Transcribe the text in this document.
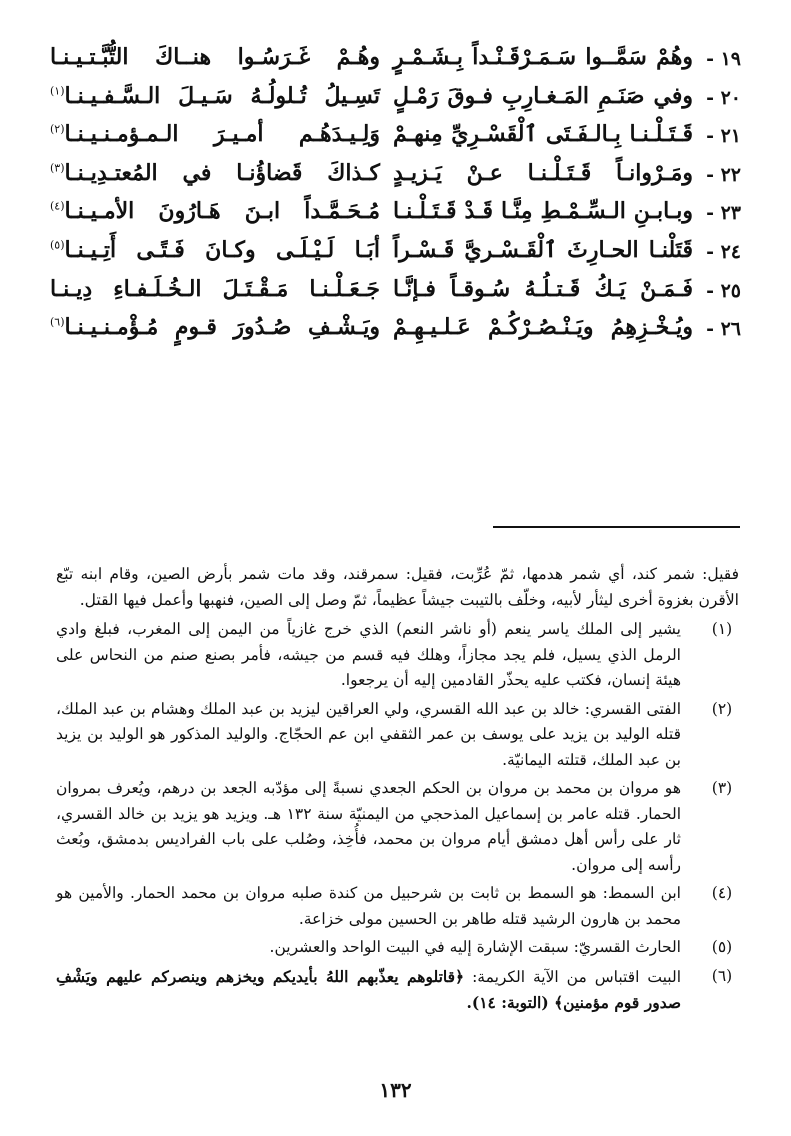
١٩ -
وهُمْ سَمَّــوا سَـمَـرْقَـنْـداً بِـشَـمْـرٍ
وهُـمْ غَـرَسُـوا هنــاكَ التُّبَّـتـيـنـا
٢٠ -
وفي صَنَـمِ المَـغـارِبِ فـوقَ رَمْـلٍ
تَسِـيلُ تُـلولُـهُ سَـيـلَ الـسَّـفـيـنـا$^{(١)}$
٢١ -
قَـتَـلْـنـا بِـالـفَـتَى ٱلْقَسْـرِيِّ مِنهـمْ
وَلِـيـدَهُـم أمـيـرَ الـمـؤمـنـيـنـا$^{(٢)}$
٢٢ -
ومَـرْوانـاً قَـتَـلْـنـا عـنْ يَـزيـدٍ
كـذاكَ قَضاؤُنـا في المُعتـدِيـنـا$^{(٣)}$
٢٣ -
وبـابـنِ الـسِّـمْـطِ مِنَّـا قَـدْ قَـتَـلْـنـا
مُـحَـمَّـداً ابـنَ هَـارُونَ الأمـيـنـا$^{(٤)}$
٢٤ -
قَتَلْنـا الحـارِثَ ٱلْقَـسْـريَّ قَـسْـراً
أبَـا لَـيْـلَـى وكـانَ فَـتًـى أَتِـيـنـا$^{(٥)}$
٢٥ -
فَـمَـنْ يَـكُ قَـتـلُـهُ سُـوقـاً فـإنَّـا
جَـعَـلْـنـا مَـقْـتَـلَ الـخُـلَـفـاءِ دِيـنـا
٢٦ -
ويُـخْـزِهِمُ ويَـنْـصُـرْكُـمْ عَـلـيـهِـمْ
ويَـشْـفِ صُـدُورَ قـومٍ مُـؤْمـنـيـنـا$^{(٦)}$
فقيل: شمر كند، أي شمر هدمها، ثمّ عُرِّبت، فقيل: سمرقند، وقد مات شمر بأرض الصين، وقام ابنه تبّع الأقرن بغزوة أخرى ليثأر لأبيه، وخلّف بالتيبت جيشاً عظيماً، ثمّ وصل إلى الصين، فنهبها وأعمل فيها القتل.
(١)
يشير إلى الملك ياسر ينعم (أو ناشر النعم) الذي خرج غازياً من اليمن إلى المغرب، فبلغ وادي الرمل الذي يسيل، فلم يجد مجازاً، وهلك فيه قسم من جيشه، فأمر بصنع صنم من النحاس على هيئة إنسان، فكتب عليه يحذّر القادمين إليه أن يرجعوا.
(٢)
الفتى القسري: خالد بن عبد الله القسري، ولي العراقين ليزيد بن عبد الملك وهشام بن عبد الملك، قتله الوليد بن يزيد على يوسف بن عمر الثقفي ابن عم الحجّاج. والوليد المذكور هو الوليد بن يزيد بن عبد الملك، قتلته اليمانيّة.
(٣)
هو مروان بن محمد بن مروان بن الحكم الجعدي نسبةً إلى مؤدّبه الجعد بن درهم، ويُعرف بمروان الحمار. قتله عامر بن إسماعيل المذحجي من اليمنيّة سنة ١٣٢ هـ. ويزيد هو يزيد بن خالد القسري، ثار على رأس أهل دمشق أيام مروان بن محمد، فأُخِذ، وصُلب على باب الفراديس بدمشق، وبُعث رأسه إلى مروان.
(٤)
ابن السمط: هو السمط بن ثابت بن شرحبيل من كندة صلبه مروان بن محمد الحمار. والأمين هو محمد بن هارون الرشيد قتله طاهر بن الحسين مولى خزاعة.
(٥)
الحارث القسريّ: سبقت الإشارة إليه في البيت الواحد والعشرين.
(٦)
البيت اقتباس من الآية الكريمة: ﴿قاتلوهم يعذّبهم اللهُ بأيديكم ويخزهم وينصركم عليهم ويَشْفِ صدور قوم مؤمنين﴾ (التوبة: ١٤).
١٣٢
